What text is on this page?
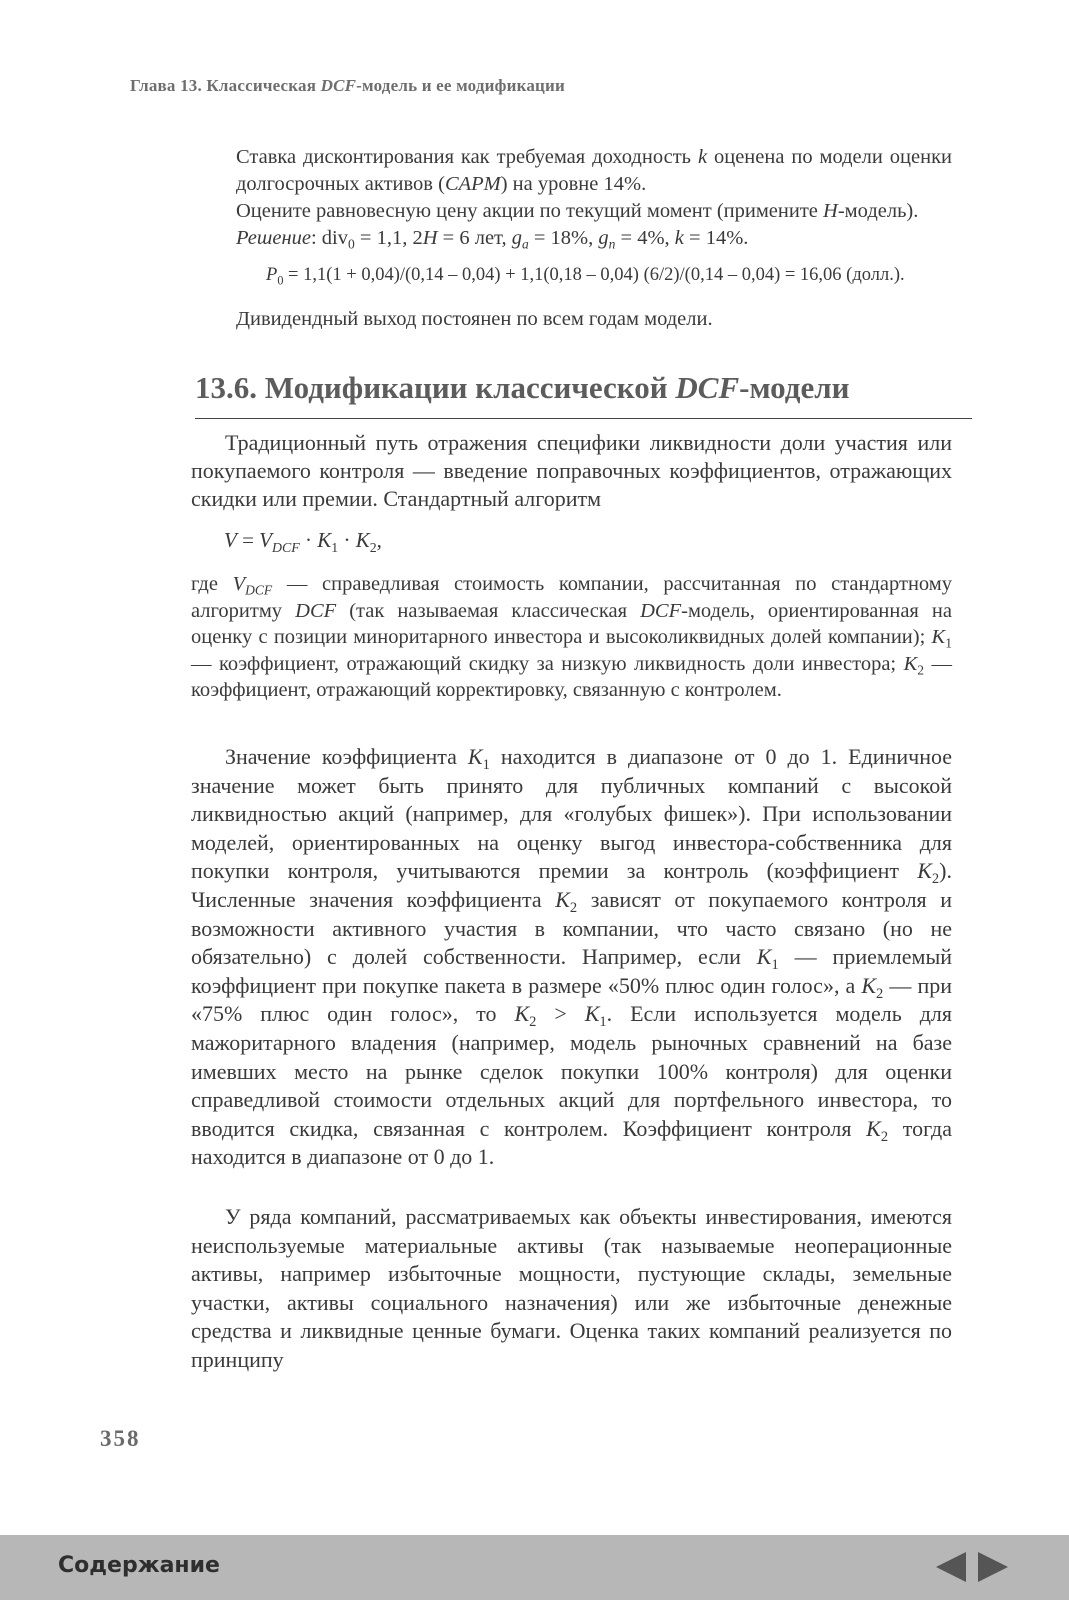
Глава 13. Классическая DCF-модель и ее модификации

Ставка дисконтирования как требуемая доходность k оценена по модели оценки долгосрочных активов (CAPM) на уровне 14%.

Оцените равновесную цену акции по текущий момент (примените H-модель).

Решение: div$_0$ = 1,1, 2H = 6 лет, $g_a = 18\%$, $g_n = 4\%$, k = 14%.

$P_0 = 1,1(1 + 0,04)/(0,14 - 0,04) + 1,1(0,18 - 0,04)$ (6/2)/(0,14 – 0,04) = 16,06 (долл.).
Дивидендный выход постоянен по всем годам модели.
13.6. Модификации классической DCF-модели

Традиционный путь отражения специфики ликвидности доли участия или покупаемого контроля — введение поправочных коэффициентов, отражающих скидки или премии. Стандартный алгоритм

$V = V_{DCF} \cdot K_1 \cdot K_2$,

где $V_{DCF}$ — справедливая стоимость компании, рассчитанная по стандартному алгоритму DCF (так называемая классическая DCF-модель, ориентированная на оценку с позиции миноритарного инвестора и высоколиквидных долей компании); $K_1$ — коэффициент, отражающий скидку за низкую ликвидность доли инвестора; $K_2$ — коэффициент, отражающий корректировку, связанную с контролем.

Значение коэффициента $K_1$ находится в диапазоне от 0 до 1. Единичное значение может быть принято для публичных компаний с высокой ликвидностью акций (например, для «голубых фишек»). При использовании моделей, ориентированных на оценку выгод инвестора-собственника для покупки контроля, учитываются премии за контроль (коэффициент $K_2$). Численные значения коэффициента $K_2$ зависят от покупаемого контроля и возможности активного участия в компании, что часто связано (но не обязательно) с долей собственности. Например, если $K_1$ — приемлемый коэффициент при покупке пакета в размере «50% плюс один голос», а $K_2$ — при «75% плюс один голос», то $K_2 > K_1$. Если используется модель для мажоритарного владения (например, модель рыночных сравнений на базе имевших место на рынке сделок покупки 100% контроля) для оценки справедливой стоимости отдельных акций для портфельного инвестора, то вводится скидка, связанная с контролем. Коэффициент контроля $K_2$ тогда находится в диапазоне от 0 до 1.

У ряда компаний, рассматриваемых как объекты инвестирования, имеются неиспользуемые материальные активы (так называемые неоперационные активы, например избыточные мощности, пустующие склады, земельные участки, активы социального назначения) или же избыточные денежные средства и ликвидные ценные бумаги. Оценка таких компаний реализуется по принципу

358
Содержание
